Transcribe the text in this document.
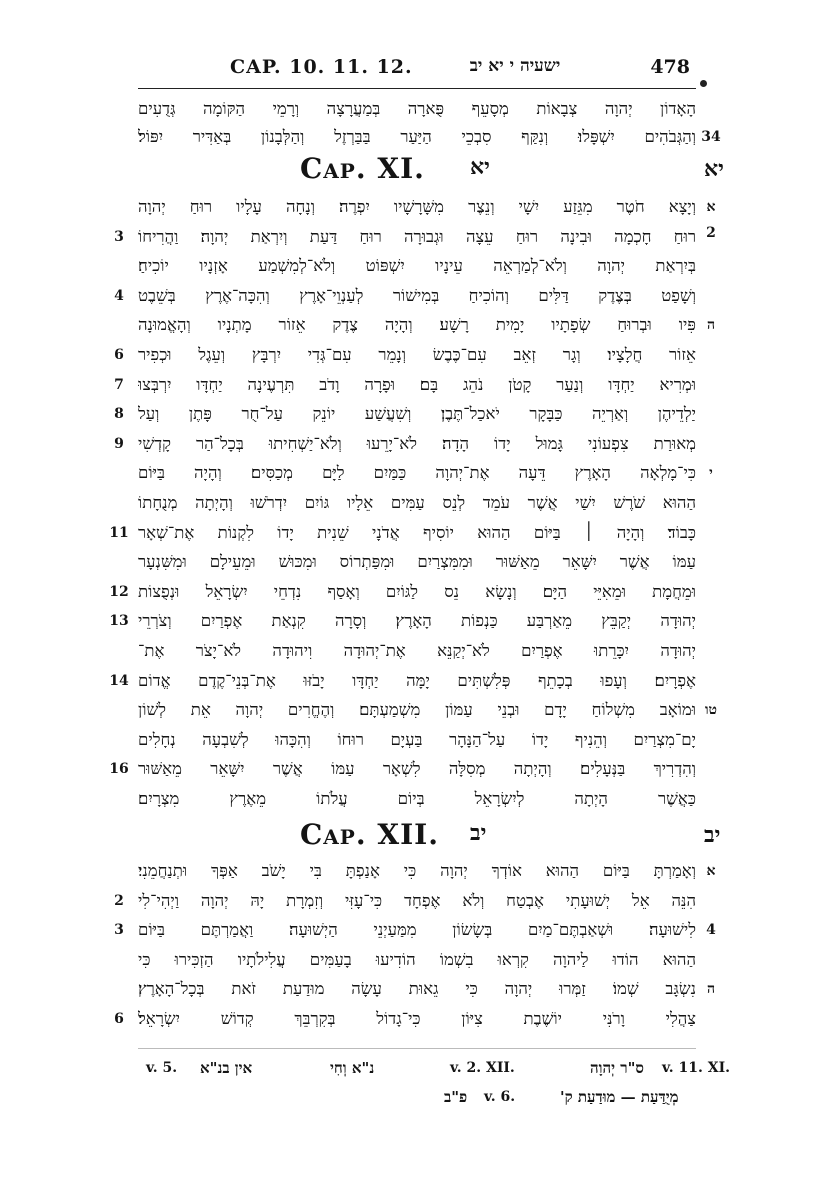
CAP. 10. 11. 12.	ישעיה י יא יב	478
הָאָדוֹן יְהוָה צְבָאוֹת מְסָעֵף פֻּארָה בְּמַעֲרָצָה וְרָמֵי הַקּוֹמָה גְּדֻעִים
וְהַגְּבֹהִים יִשְׁפָּלוּ׃ וְנִקַּף סִבְכֵי הַיַּעַר בַּבַּרְזֶל וְהַלְּבָנוֹן בְּאַדִּיר יִפּוֹל׃ 34
Cap. XI. יא	יא
וְיָצָא חֹטֶר מִגֵּזַע יִשָׁי וְנֵצֶר מִשָּׁרָשָׁיו יִפְרֶה׃ וְנָחָה עָלָיו רוּחַ יְהוָה א 2
רוּחַ חָכְמָה וּבִינָה רוּחַ עֵצָה וּגְבוּרָה רוּחַ דַּעַת וְיִרְאַת יְהוָה׃ וַהֲרִיחוֹ
3
בְּיִרְאַת יְהוָה וְלֹא־לְמַרְאֵה עֵינָיו יִשְׁפּוֹט וְלֹא־לְמִשְׁמַע אָזְנָיו יוֹכִיחַ׃
וְשָׁפַט בְּצֶדֶק דַּלִּים וְהוֹכִיחַ בְּמִישׁוֹר לְעַנְוֵי־אָרֶץ וְהִכָּה־אֶרֶץ בְּשֵׁבֶט
4
פִּיו וּבְרוּחַ שְׂפָתָיו יָמִית רָשָׁע׃ וְהָיָה צֶדֶק אֵזוֹר מָתְנָיו וְהָאֱמוּנָה ה
אֵזוֹר חֲלָצָיו׃ וְגָר זְאֵב עִם־כֶּבֶשׂ וְנָמֵר עִם־גְּדִי יִרְבָּץ וְעֵגֶל וּכְפִיר
6
וּמְרִיא יַחְדָּו וְנַעַר קָטֹן נֹהֵג בָּם׃ וּפָרָה וָדֹב תִּרְעֶינָה יַחְדָּו יִרְבְּצוּ
7
יַלְדֵיהֶן וְאַרְיֵה כַּבָּקָר יֹאכַל־תֶּבֶן׃ וְשִׁעֲשַׁע יוֹנֵק עַל־חֻר פָּתֶן וְעַל
8
מְאוּרַת צִפְעוֹנִי גָּמוּל יָדוֹ הָדָה׃ לֹא־יָרֵעוּ וְלֹא־יַשְׁחִיתוּ בְּכָל־הַר קָדְשִׁי
9
כִּי־מָלְאָה הָאָרֶץ דֵּעָה אֶת־יְהוָה כַּמַּיִם לַיָּם מְכַסִּים׃ וְהָיָה בַּיּוֹם י
הַהוּא שֹׁרֶשׁ יִשַׁי אֲשֶׁר עֹמֵד לְנֵס עַמִּים אֵלָיו גּוֹיִם יִדְרֹשׁוּ וְהָיְתָה מְנֻחָתוֹ
כָּבוֹד׃ וְהָיָה ׀ בַּיּוֹם הַהוּא יוֹסִיף אֲדֹנָי שֵׁנִית יָדוֹ לִקְנוֹת אֶת־שְׁאָר
11
עַמּוֹ אֲשֶׁר יִשָּׁאֵר מֵאַשּׁוּר וּמִמִּצְרַיִם וּמִפַּתְרוֹס וּמִכּוּשׁ וּמֵעֵילָם וּמִשִּׁנְעָר
וּמֵחֲמָת וּמֵאִיֵּי הַיָּם׃ וְנָשָׂא נֵס לַגּוֹיִם וְאָסַף נִדְחֵי יִשְׂרָאֵל וּנְפֻצוֹת
12
יְהוּדָה יְקַבֵּץ מֵאַרְבַּע כַּנְפוֹת הָאָרֶץ׃ וְסָרָה קִנְאַת אֶפְרַיִם וְצֹרְרֵי
13
יְהוּדָה יִכָּרֵתוּ אֶפְרַיִם לֹא־יְקַנֵּא אֶת־יְהוּדָה וִיהוּדָה לֹא־יָצֹר אֶת־
אֶפְרָיִם׃ וְעָפוּ בְכָתֵף פְּלִשְׁתִּים יָמָּה יַחְדָּו יָבֹזּוּ אֶת־בְּנֵי־קֶדֶם אֱדוֹם
14
וּמוֹאָב מִשְׁלוֹחַ יָדָם וּבְנֵי עַמּוֹן מִשְׁמַעְתָּם׃ וְהֶחֱרִים יְהוָה אֵת לְשׁוֹן טו
יָם־מִצְרַיִם וְהֵנִיף יָדוֹ עַל־הַנָּהָר בַּעְיָם רוּחוֹ וְהִכָּהוּ לְשִׁבְעָה נְחָלִים
וְהִדְרִיךְ בַּנְּעָלִים׃ וְהָיְתָה מְסִלָּה לִשְׁאָר עַמּוֹ אֲשֶׁר יִשָּׁאֵר מֵאַשּׁוּר
16
כַּאֲשֶׁר הָיְתָה לְיִשְׂרָאֵל בְּיוֹם עֲלֹתוֹ מֵאֶרֶץ מִצְרָיִם׃
Cap. XII. יב	יב
וְאָמַרְתָּ בַּיּוֹם הַהוּא אוֹדְךָ יְהוָה כִּי אָנַפְתָּ בִּי יָשֹׁב אַפְּךָ וּתְנַחֲמֵנִי׃ א
הִנֵּה אֵל יְשׁוּעָתִי אֶבְטַח וְלֹא אֶפְחָד כִּי־עָזִּי וְזִמְרָת יָהּ יְהוָה וַיְהִי־לִי
2
לִישׁוּעָה׃ וּשְׁאַבְתֶּם־מַיִם בְּשָׂשׂוֹן מִמַּעַיְנֵי הַיְשׁוּעָה׃ וַאֲמַרְתֶּם בַּיּוֹם 4
3
הַהוּא הוֹדוּ לַיהוָה קִרְאוּ בִשְׁמוֹ הוֹדִיעוּ בָעַמִּים עֲלִילֹתָיו הַזְכִּירוּ כִּי
נִשְׂגָּב שְׁמוֹ׃ זַמְּרוּ יְהוָה כִּי גֵאוּת עָשָׂה מוּדַעַת זֹאת בְּכָל־הָאָרֶץ׃ ה
צַהֲלִי וָרֹנִּי יוֹשֶׁבֶת צִיּוֹן כִּי־גָדוֹל בְּקִרְבֵּךְ קְדוֹשׁ יִשְׂרָאֵל׃
6
v. 11. XI.
ס"ר יְהוָה
v. 2. XII.
נ"א וְחִי
אין בנ"א
v. 5.
מְיֻדַּעַת — מוּדַעַת ק'
v. 6.
פ"ב
